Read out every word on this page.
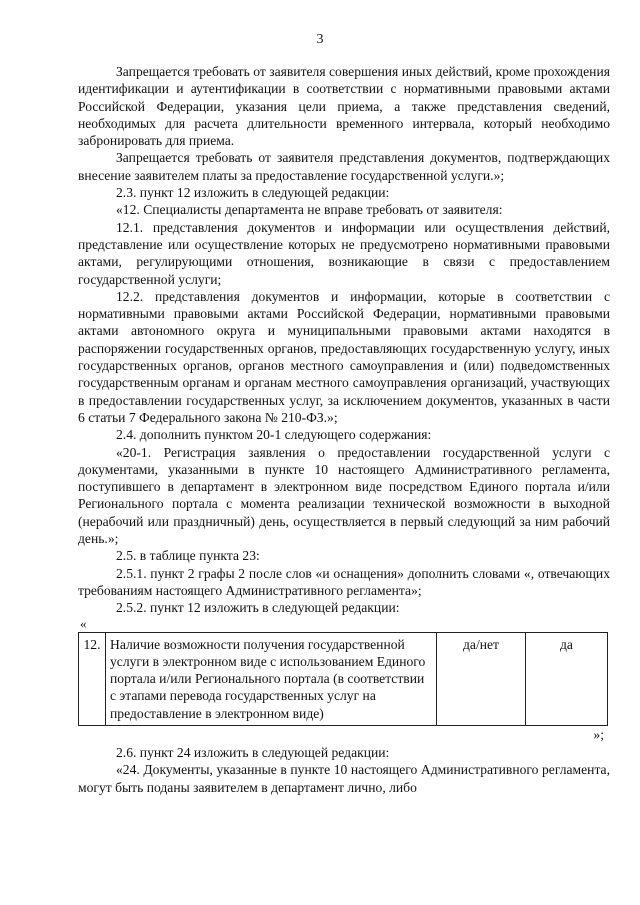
3

Запрещается требовать от заявителя совершения иных действий, кроме прохождения идентификации и аутентификации в соответствии с нормативными правовыми актами Российской Федерации, указания цели приема, а также представления сведений, необходимых для расчета длительности временного интервала, который необходимо забронировать для приема.

Запрещается требовать от заявителя представления документов, подтверждающих внесение заявителем платы за предоставление государственной услуги.»;

2.3. пункт 12 изложить в следующей редакции:

«12. Специалисты департамента не вправе требовать от заявителя:

12.1. представления документов и информации или осуществления действий, представление или осуществление которых не предусмотрено нормативными правовыми актами, регулирующими отношения, возникающие в связи с предоставлением государственной услуги;

12.2. представления документов и информации, которые в соответствии с нормативными правовыми актами Российской Федерации, нормативными правовыми актами автономного округа и муниципальными правовыми актами находятся в распоряжении государственных органов, предоставляющих государственную услугу, иных государственных органов, органов местного самоуправления и (или) подведомственных государственным органам и органам местного самоуправления организаций, участвующих в предоставлении государственных услуг, за исключением документов, указанных в части 6 статьи 7 Федерального закона № 210-ФЗ.»;

2.4. дополнить пунктом 20-1 следующего содержания:

«20-1. Регистрация заявления о предоставлении государственной услуги с документами, указанными в пункте 10 настоящего Административного регламента, поступившего в департамент в электронном виде посредством Единого портала и/или Регионального портала с момента реализации технической возможности в выходной (нерабочий или праздничный) день, осуществляется в первый следующий за ним рабочий день.»;

2.5. в таблице пункта 23:

2.5.1. пункт 2 графы 2 после слов «и оснащения» дополнить словами «, отвечающих требованиям настоящего Административного регламента»;

2.5.2. пункт 12 изложить в следующей редакции:

«
12.	Наличие возможности получения государственной услуги в электронном виде с использованием Единого портала и/или Регионального портала (в соответствии с этапами перевода государственных услуг на предоставление в электронном виде)	да/нет	да
»;

2.6. пункт 24 изложить в следующей редакции:

«24. Документы, указанные в пункте 10 настоящего Административного регламента, могут быть поданы заявителем в департамент лично, либо
